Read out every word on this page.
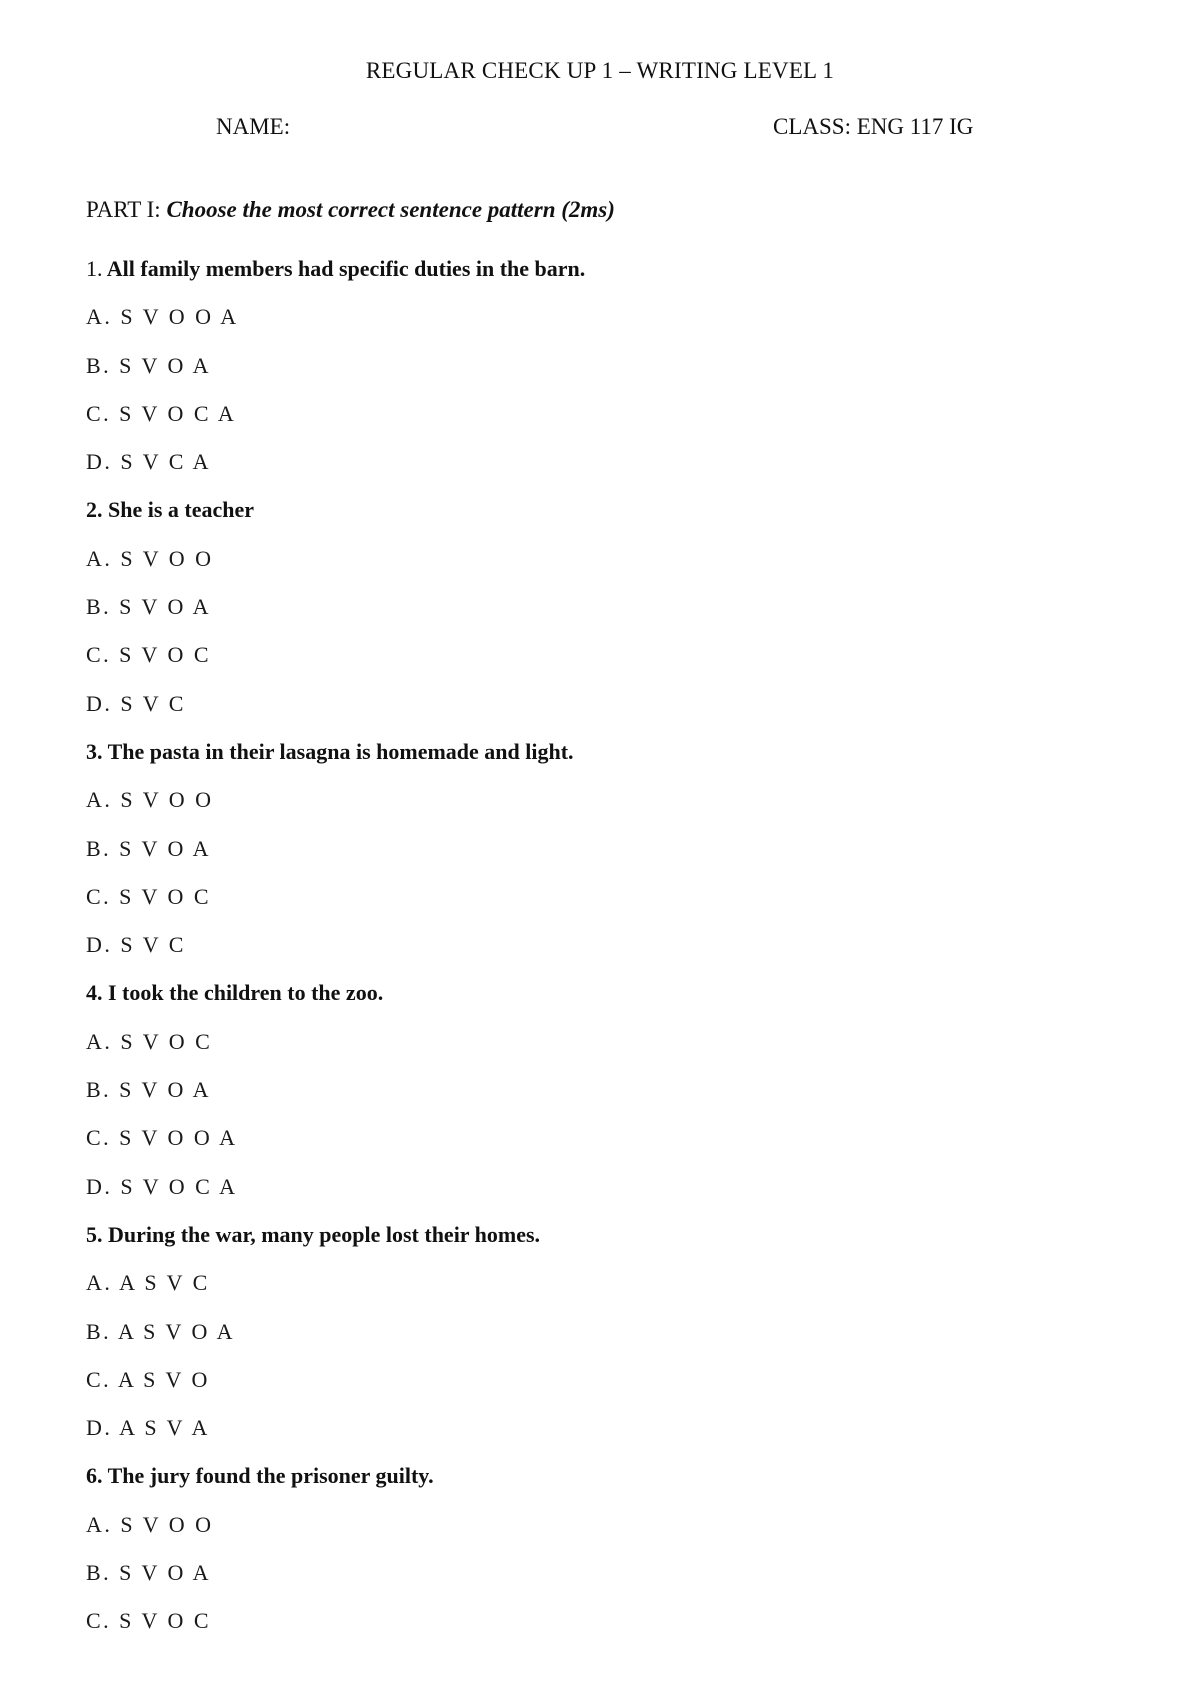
REGULAR CHECK UP 1 – WRITING LEVEL 1
NAME:	CLASS: ENG 117 IG
PART I: Choose the most correct sentence pattern (2ms)
1. All family members had specific duties in the barn.
A. S V O O A
B. S V O A
C. S V O C A
D. S V C A
2. She is a teacher
A. S V O O
B. S V O A
C. S V O C
D. S V C
3. The pasta in their lasagna is homemade and light.
A. S V O O
B. S V O A
C. S V O C
D. S V C
4. I took the children to the zoo.
A. S V O C
B. S V O A
C. S V O O A
D. S V O C A
5. During the war, many people lost their homes.
A. A S V C
B. A S V O A
C. A S V O
D. A S V A
6. The jury found the prisoner guilty.
A. S V O O
B. S V O A
C. S V O C
